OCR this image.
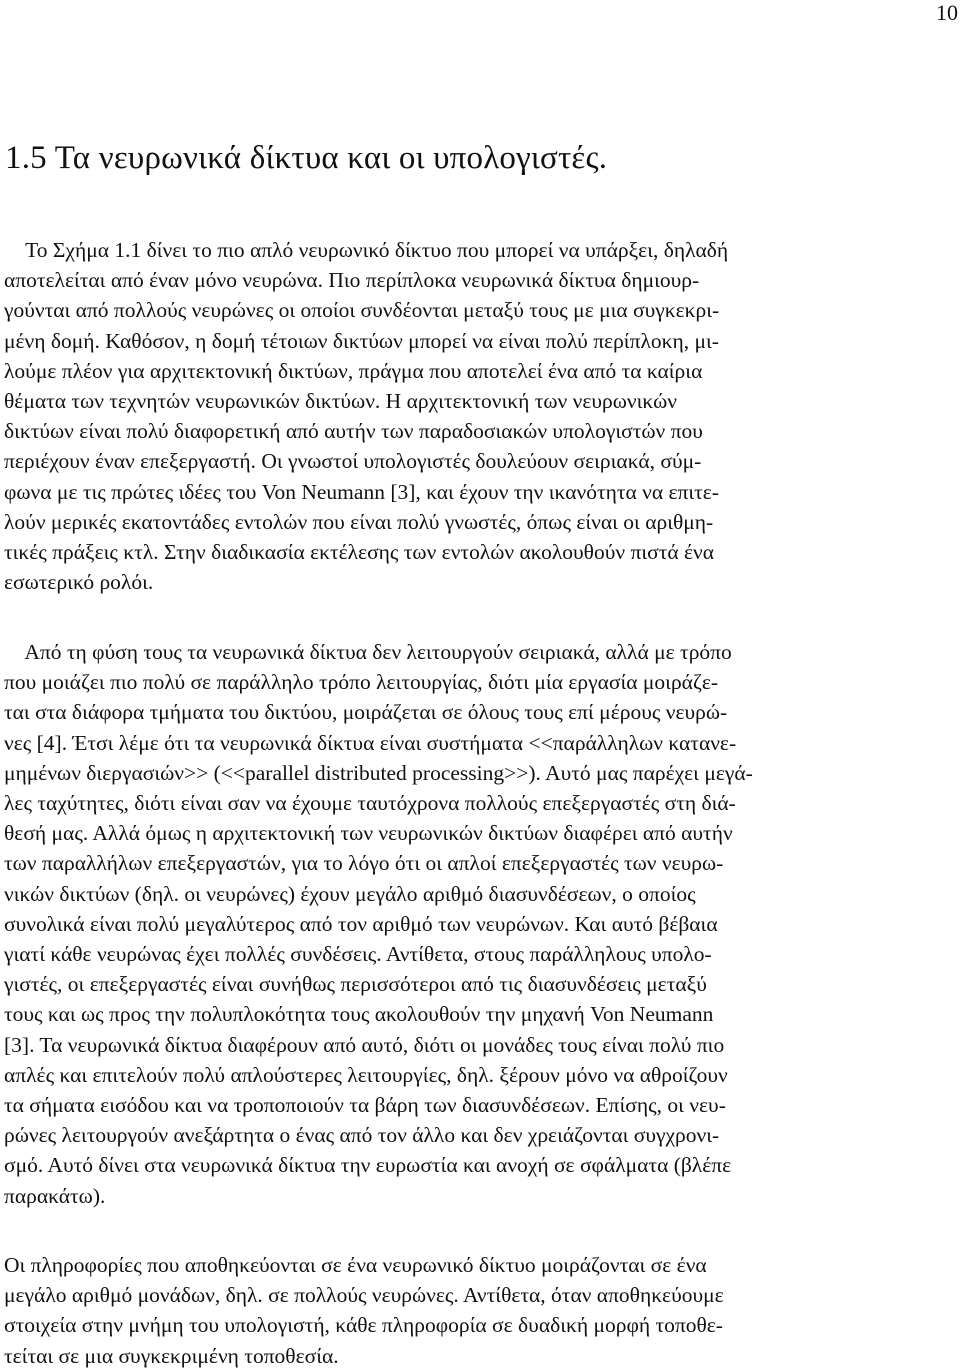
10
1.5 Τα νευρωνικά δίκτυα και οι υπολογιστές.
Το Σχήμα 1.1 δίνει το πιο απλό νευρωνικό δίκτυο που μπορεί να υπάρξει, δηλαδή
αποτελείται από έναν μόνο νευρώνα. Πιο περίπλοκα νευρωνικά δίκτυα δημιουρ-
γούνται από πολλούς νευρώνες οι οποίοι συνδέονται μεταξύ τους με μια συγκεκρι-
μένη δομή. Καθόσον, η δομή τέτοιων δικτύων μπορεί να είναι πολύ περίπλοκη, μι-
λούμε πλέον για αρχιτεκτονική δικτύων, πράγμα που αποτελεί ένα από τα καίρια
θέματα των τεχνητών νευρωνικών δικτύων. Η αρχιτεκτονική των νευρωνικών
δικτύων είναι πολύ διαφορετική από αυτήν των παραδοσιακών υπολογιστών που
περιέχουν έναν επεξεργαστή. Οι γνωστοί υπολογιστές δουλεύουν σειριακά, σύμ-
φωνα με τις πρώτες ιδέες του Von Neumann [3], και έχουν την ικανότητα να επιτε-
λούν μερικές εκατοντάδες εντολών που είναι πολύ γνωστές, όπως είναι οι αριθμη-
τικές πράξεις κτλ. Στην διαδικασία εκτέλεσης των εντολών ακολουθούν πιστά ένα
εσωτερικό ρολόι.
Από τη φύση τους τα νευρωνικά δίκτυα δεν λειτουργούν σειριακά, αλλά με τρόπο
που μοιάζει πιο πολύ σε παράλληλο τρόπο λειτουργίας, διότι μία εργασία μοιράζε-
ται στα διάφορα τμήματα του δικτύου, μοιράζεται σε όλους τους επί μέρους νευρώ-
νες [4]. Έτσι λέμε ότι τα νευρωνικά δίκτυα είναι συστήματα <<παράλληλων κατανε-
μημένων διεργασιών>> (<<parallel distributed processing>>). Αυτό μας παρέχει μεγά-
λες ταχύτητες, διότι είναι σαν να έχουμε ταυτόχρονα πολλούς επεξεργαστές στη διά-
θεσή μας. Αλλά όμως η αρχιτεκτονική των νευρωνικών δικτύων διαφέρει από αυτήν
των παραλλήλων επεξεργαστών, για το λόγο ότι οι απλοί επεξεργαστές των νευρω-
νικών δικτύων (δηλ. οι νευρώνες) έχουν μεγάλο αριθμό διασυνδέσεων, ο οποίος
συνολικά είναι πολύ μεγαλύτερος από τον αριθμό των νευρώνων. Και αυτό βέβαια
γιατί κάθε νευρώνας έχει πολλές συνδέσεις. Αντίθετα, στους παράλληλους υπολο-
γιστές, οι επεξεργαστές είναι συνήθως περισσότεροι από τις διασυνδέσεις μεταξύ
τους και ως προς την πολυπλοκότητα τους ακολουθούν την μηχανή Von Neumann
[3]. Τα νευρωνικά δίκτυα διαφέρουν από αυτό, διότι οι μονάδες τους είναι πολύ πιο
απλές και επιτελούν πολύ απλούστερες λειτουργίες, δηλ. ξέρουν μόνο να αθροίζουν
τα σήματα εισόδου και να τροποποιούν τα βάρη των διασυνδέσεων. Επίσης, οι νευ-
ρώνες λειτουργούν ανεξάρτητα ο ένας από τον άλλο και δεν χρειάζονται συγχρονι-
σμό. Αυτό δίνει στα νευρωνικά δίκτυα την ευρωστία και ανοχή σε σφάλματα (βλέπε
παρακάτω).
Οι πληροφορίες που αποθηκεύονται σε ένα νευρωνικό δίκτυο μοιράζονται σε ένα
μεγάλο αριθμό μονάδων, δηλ. σε πολλούς νευρώνες. Αντίθετα, όταν αποθηκεύουμε
στοιχεία στην μνήμη του υπολογιστή, κάθε πληροφορία σε δυαδική μορφή τοποθε-
τείται σε μια συγκεκριμένη τοποθεσία.
